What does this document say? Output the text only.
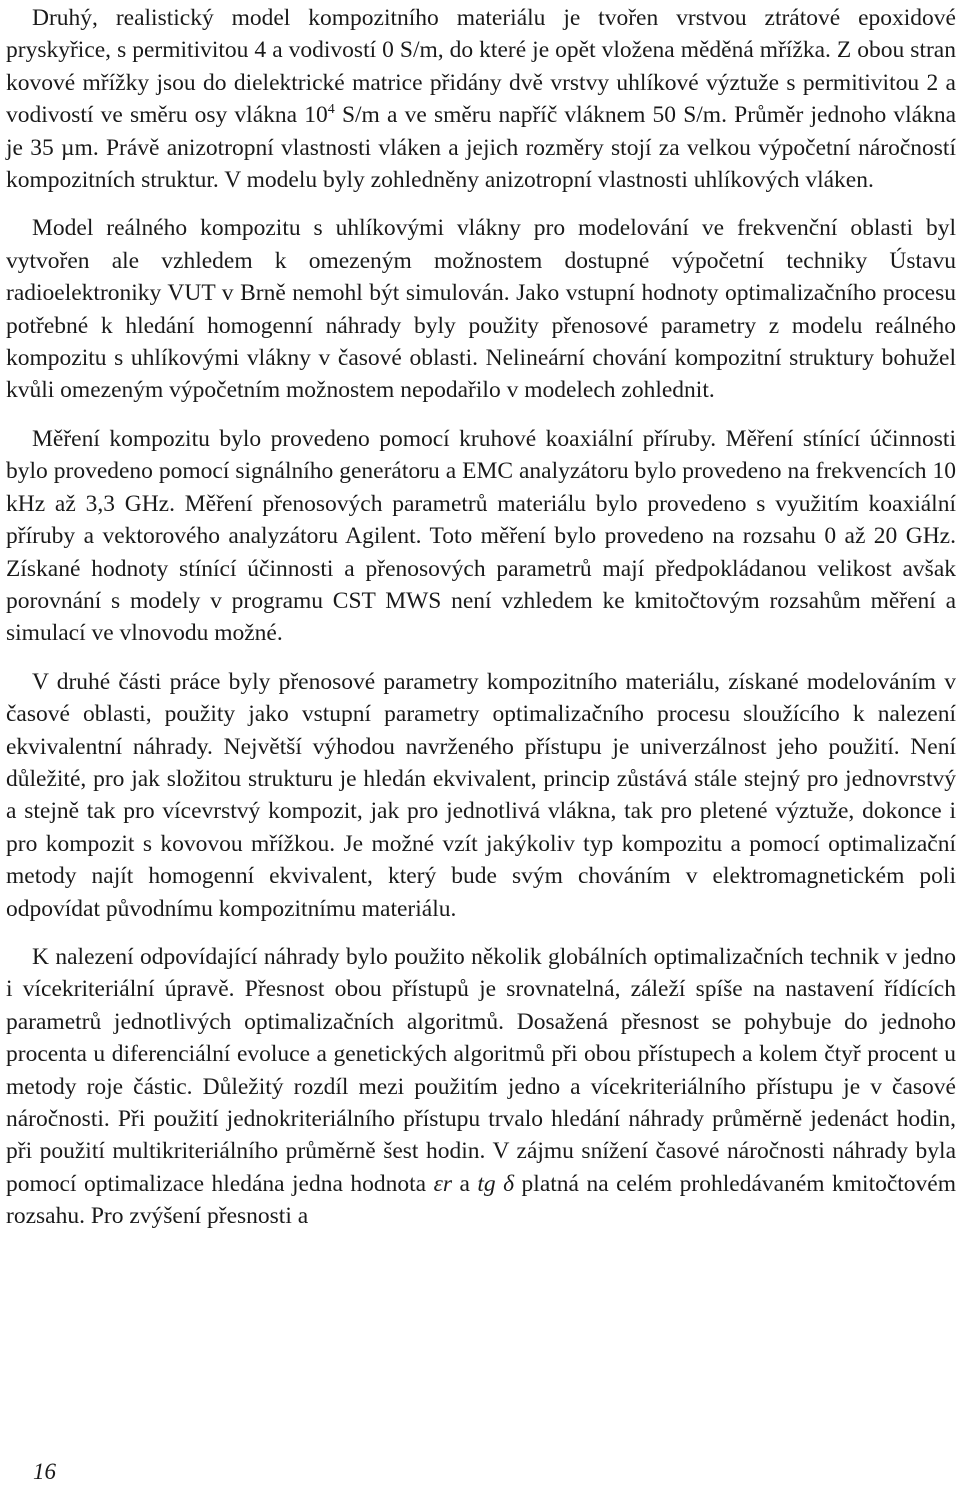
Druhý, realistický model kompozitního materiálu je tvořen vrstvou ztrátové epoxidové pryskyřice, s permitivitou 4 a vodivostí 0 S/m, do které je opět vložena měděná mřížka. Z obou stran kovové mřížky jsou do dielektrické matrice přidány dvě vrstvy uhlíkové výztuže s permitivitou 2 a vodivostí ve směru osy vlákna $10^4$ S/m a ve směru napříč vláknem 50 S/m. Průměr jednoho vlákna je 35 µm. Právě anizotropní vlastnosti vláken a jejich rozměry stojí za velkou výpočetní náročností kompozitních struktur. V modelu byly zohledněny anizotropní vlastnosti uhlíkových vláken.

Model reálného kompozitu s uhlíkovými vlákny pro modelování ve frekvenční oblasti byl vytvořen ale vzhledem k omezeným možnostem dostupné výpočetní techniky Ústavu radioelektroniky VUT v Brně nemohl být simulován. Jako vstupní hodnoty optimalizačního procesu potřebné k hledání homogenní náhrady byly použity přenosové parametry z modelu reálného kompozitu s uhlíkovými vlákny v časové oblasti. Nelineární chování kompozitní struktury bohužel kvůli omezeným výpočetním možnostem nepodařilo v modelech zohlednit.

Měření kompozitu bylo provedeno pomocí kruhové koaxiální příruby. Měření stínící účinnosti bylo provedeno pomocí signálního generátoru a EMC analyzátoru bylo provedeno na frekvencích 10 kHz až 3,3 GHz. Měření přenosových parametrů materiálu bylo provedeno s využitím koaxiální příruby a vektorového analyzátoru Agilent. Toto měření bylo provedeno na rozsahu 0 až 20 GHz. Získané hodnoty stínící účinnosti a přenosových parametrů mají předpokládanou velikost avšak porovnání s modely v programu CST MWS není vzhledem ke kmitočtovým rozsahům měření a simulací ve vlnovodu možné.

V druhé části práce byly přenosové parametry kompozitního materiálu, získané modelováním v časové oblasti, použity jako vstupní parametry optimalizačního procesu sloužícího k nalezení ekvivalentní náhrady. Největší výhodou navrženého přístupu je univerzálnost jeho použití. Není důležité, pro jak složitou strukturu je hledán ekvivalent, princip zůstává stále stejný pro jednovrstvý a stejně tak pro vícevrstvý kompozit, jak pro jednotlivá vlákna, tak pro pletené výztuže, dokonce i pro kompozit s kovovou mřížkou. Je možné vzít jakýkoliv typ kompozitu a pomocí optimalizační metody najít homogenní ekvivalent, který bude svým chováním v elektromagnetickém poli odpovídat původnímu kompozitnímu materiálu.

K nalezení odpovídající náhrady bylo použito několik globálních optimalizačních technik v jedno i vícekriteriální úpravě. Přesnost obou přístupů je srovnatelná, záleží spíše na nastavení řídících parametrů jednotlivých optimalizačních algoritmů. Dosažená přesnost se pohybuje do jednoho procenta u diferenciální evoluce a genetických algoritmů při obou přístupech a kolem čtyř procent u metody roje částic. Důležitý rozdíl mezi použitím jedno a vícekriteriálního přístupu je v časové náročnosti. Při použití jednokriteriálního přístupu trvalo hledání náhrady průměrně jedenáct hodin, při použití multikriteriálního průměrně šest hodin. V zájmu snížení časové náročnosti náhrady byla pomocí optimalizace hledána jedna hodnota εr a tg δ platná na celém prohledávaném kmitočtovém rozsahu. Pro zvýšení přesnosti a

16
